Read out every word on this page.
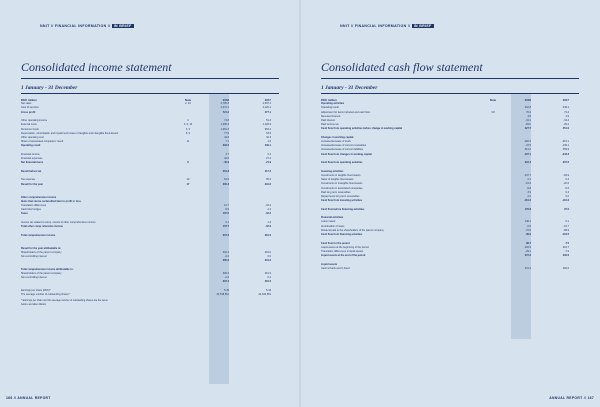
NNIT // FINANCIAL INFORMATION // IN BRIEF
Consolidated income statement
1 January - 31 December
DKK million	Note	2018	2017
Net sales	2, 10	2,795.3	2,597.2
Cost of services	2,074.1	2,120.1
Gross profit	721.2	477.1
Other operating income	4	74.8	51.3
External costs	3, 6, 10	1,395.3	1,128.9
Personnel costs	3, 5	1,061.3	953.2
Depreciation, amortisation and impairment losses of tangible and intangible fixed assets	8, 9	77.9	63.5
Other operating cost	44.8	32.3
Share of associated companies' result	11	7.1	1.6
Operating result	302.6	449.1
Financial income	3.7	6.1
Financial expenses	44.6	27.2
Net financial items	9	-40.9	-21.9
Result before tax	261.8	417.2
Tax expense	12	61.6	65.2
Result for the year	17	200.3	291.0
Other comprehensive income
Items that can be reclassified later to profit or loss
Translation differences	12.7	-34.2
Cash flow hedges	-5.9	2.2
Taxes	107.0	-32.0
Income tax related to comp. onents of other comprehensive income	0.1	1.3
Total other comp rehensive income	107.7	-32.0
Total comprehensive income	307.4	261.5
Result for the year attributable to:
Shareholders of the parent company	202.4	291.0
Non-controlling interest	-2.2	0.0
200.3	291.0
Total comprehensive income attributable to:
Shareholders of the parent company	305.3	261.9
Non-controlling interest	-2.4	0.4
307.4	261.5
Earnings per share (DKK)*	5.45	5.34
The average number of outstanding shares *	24,518,561	24,543,851
* Earnings per share and the average number of outstanding shares are the same before and after dilution
166 // ANNUAL REPORT
NNIT // FINANCIAL INFORMATION // IN BRIEF
Consolidated cash flow statement
1 January - 31 December
DKK million	Note	2018	2017
Operating activities
Operating result	402.8	449.1
Adjustment for items included and cash flow	3.8	76.4	74.4
Received interest	3.8	4.9
Paid interest	-34.2	-34.3
Paid income tax	-84.0	-29.2
Cash flow from operating activities before change in working capital	427.7	451.0
Changes in working capital
Increase/decrease of stock	-292.3	-315.1
Increase/decrease of current receivables	-37.5	-139.1
Increase/decrease of current liabilities	314.4	359.9
Cash flow from changes in working capital	-107.1	-243.3
Cash flow from operating activities	322.4	207.6
Investing activities
Investments in tangible fixed assets	-147.7	-84.9
Sales of tangible fixed assets	2.1	0.3
Investments in intangible fixed assets	-16.3	-20.6
Investments in associated companies	-5.8	-6.6
Paid long term receivables	3.9	0.4
Repayments long term receivables	2.2	0.0
Cash flow from investing activities	-161.2	-110.6
Cash flow before financing activities	176.8	97.0
Financial activities
Loans raised	146.1	0.1
Amortisation of loans	-6.6	-16.7
Dividend paid to the shareholders of the parent company	-72.8	-89.9
Cash flow from financing activities	-39.0	-104.5
Cash flow for the period	98.7	-7.5
Liquid assets at the beginning of the period	202.6	218.7
Translation differences in liquid assets	-29.1	-7.9
Liquid assets at the end of the period	272.2	202.6
Liquid assets
Cash at bank and in hand	272.2	202.6
ANNUAL REPORT // 167
